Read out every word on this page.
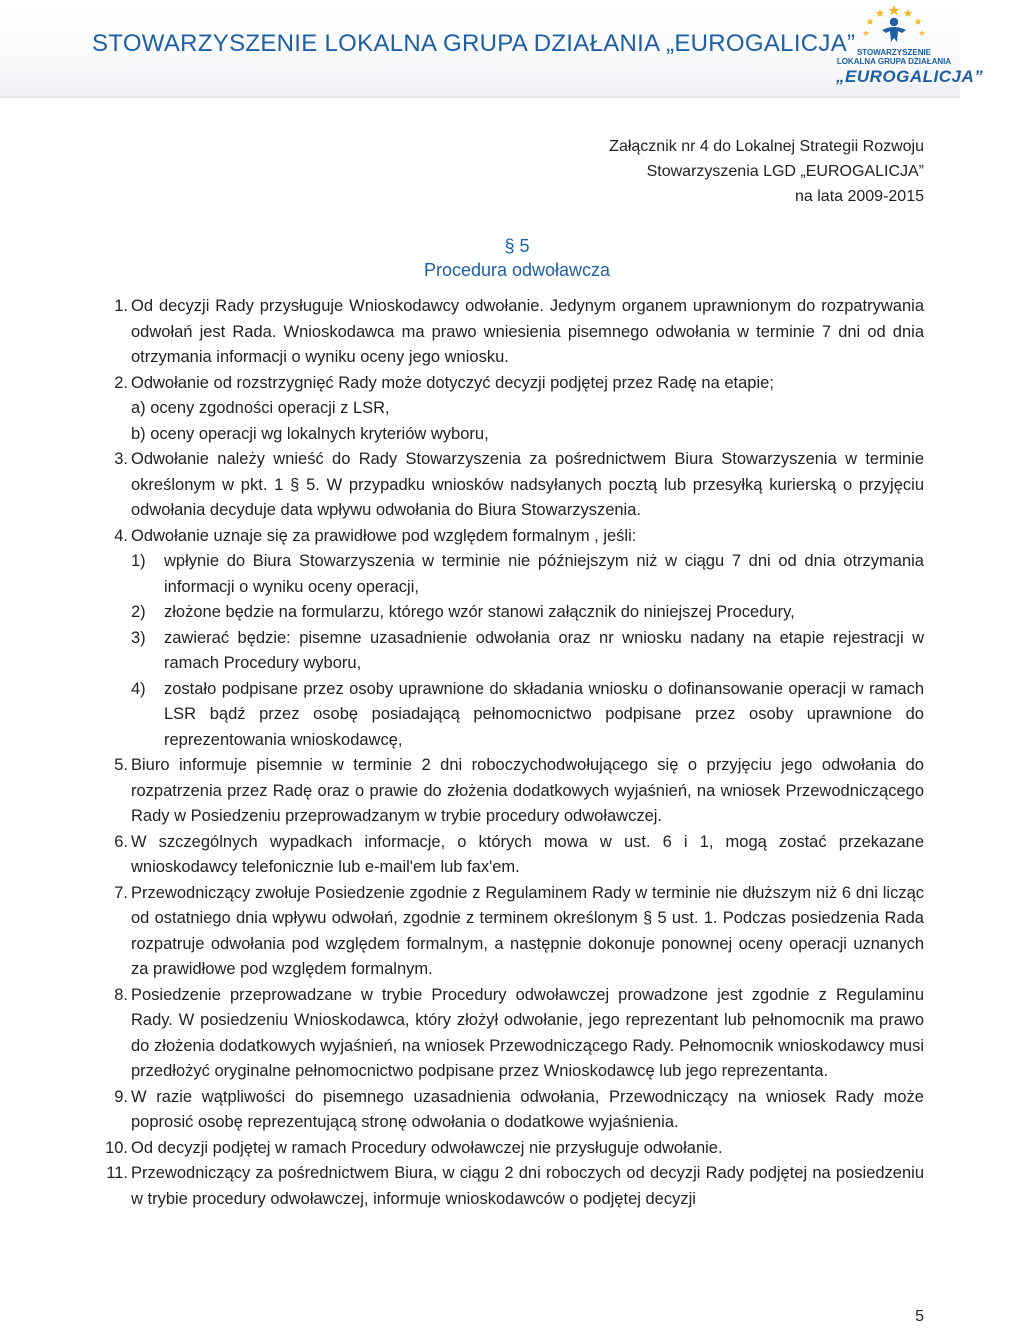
STOWARZYSZENIE LOKALNA GRUPA DZIAŁANIA „EUROGALICJA” STOWARZYSZENIE
LOKALNA GRUPA DZIAŁANIA
„EUROGALICJA”
Załącznik nr 4 do Lokalnej Strategii Rozwoju
Stowarzyszenia LGD „EUROGALICJA”
na lata 2009-2015
§ 5
Procedura odwoławcza
1. Od decyzji Rady przysługuje Wnioskodawcy odwołanie. Jedynym organem uprawnionym do rozpatrywania odwołań jest Rada. Wnioskodawca ma prawo wniesienia pisemnego odwołania w terminie 7 dni od dnia otrzymania informacji o wyniku oceny jego wniosku.
2. Odwołanie od rozstrzygnięć Rady może dotyczyć decyzji podjętej przez Radę na etapie;
a) oceny zgodności operacji z LSR,
b) oceny operacji wg lokalnych kryteriów wyboru,
3. Odwołanie należy wnieść do Rady Stowarzyszenia za pośrednictwem Biura Stowarzyszenia w terminie określonym w pkt. 1 § 5. W przypadku wniosków nadsyłanych pocztą lub przesyłką kurierską o przyjęciu odwołania decyduje data wpływu odwołania do Biura Stowarzyszenia.
4. Odwołanie uznaje się za prawidłowe pod względem formalnym , jeśli:
1) wpłynie do Biura Stowarzyszenia w terminie nie późniejszym niż w ciągu 7 dni od dnia otrzymania informacji o wyniku oceny operacji,
2) złożone będzie na formularzu, którego wzór stanowi załącznik do niniejszej Procedury,
3) zawierać będzie: pisemne uzasadnienie odwołania oraz nr wniosku nadany na etapie rejestracji w ramach Procedury wyboru,
4) zostało podpisane przez osoby uprawnione do składania wniosku o dofinansowanie operacji w ramach LSR bądź przez osobę posiadającą pełnomocnictwo podpisane przez osoby uprawnione do reprezentowania wnioskodawcę,
5. Biuro informuje pisemnie w terminie 2 dni roboczychodwołującego się o przyjęciu jego odwołania do rozpatrzenia przez Radę oraz o prawie do złożenia dodatkowych wyjaśnień, na wniosek Przewodniczącego Rady w Posiedzeniu przeprowadzanym w trybie procedury odwoławczej.
6. W szczególnych wypadkach informacje, o których mowa w ust. 6 i 1, mogą zostać przekazane wnioskodawcy telefonicznie lub e-mail'em lub fax'em.
7. Przewodniczący zwołuje Posiedzenie zgodnie z Regulaminem Rady w terminie nie dłuższym niż 6 dni licząc od ostatniego dnia wpływu odwołań, zgodnie z terminem określonym § 5 ust. 1. Podczas posiedzenia Rada rozpatruje odwołania pod względem formalnym, a następnie dokonuje ponownej oceny operacji uznanych za prawidłowe pod względem formalnym.
8. Posiedzenie przeprowadzane w trybie Procedury odwoławczej prowadzone jest zgodnie z Regulaminu Rady. W posiedzeniu Wnioskodawca, który złożył odwołanie, jego reprezentant lub pełnomocnik ma prawo do złożenia dodatkowych wyjaśnień, na wniosek Przewodniczącego Rady. Pełnomocnik wnioskodawcy musi przedłożyć oryginalne pełnomocnictwo podpisane przez Wnioskodawcę lub jego reprezentanta.
9. W razie wątpliwości do pisemnego uzasadnienia odwołania, Przewodniczący na wniosek Rady może poprosić osobę reprezentującą stronę odwołania o dodatkowe wyjaśnienia.
10. Od decyzji podjętej w ramach Procedury odwoławczej nie przysługuje odwołanie.
11. Przewodniczący za pośrednictwem Biura, w ciągu 2 dni roboczych od decyzji Rady podjętej na posiedzeniu w trybie procedury odwoławczej, informuje wnioskodawców o podjętej decyzji
5
